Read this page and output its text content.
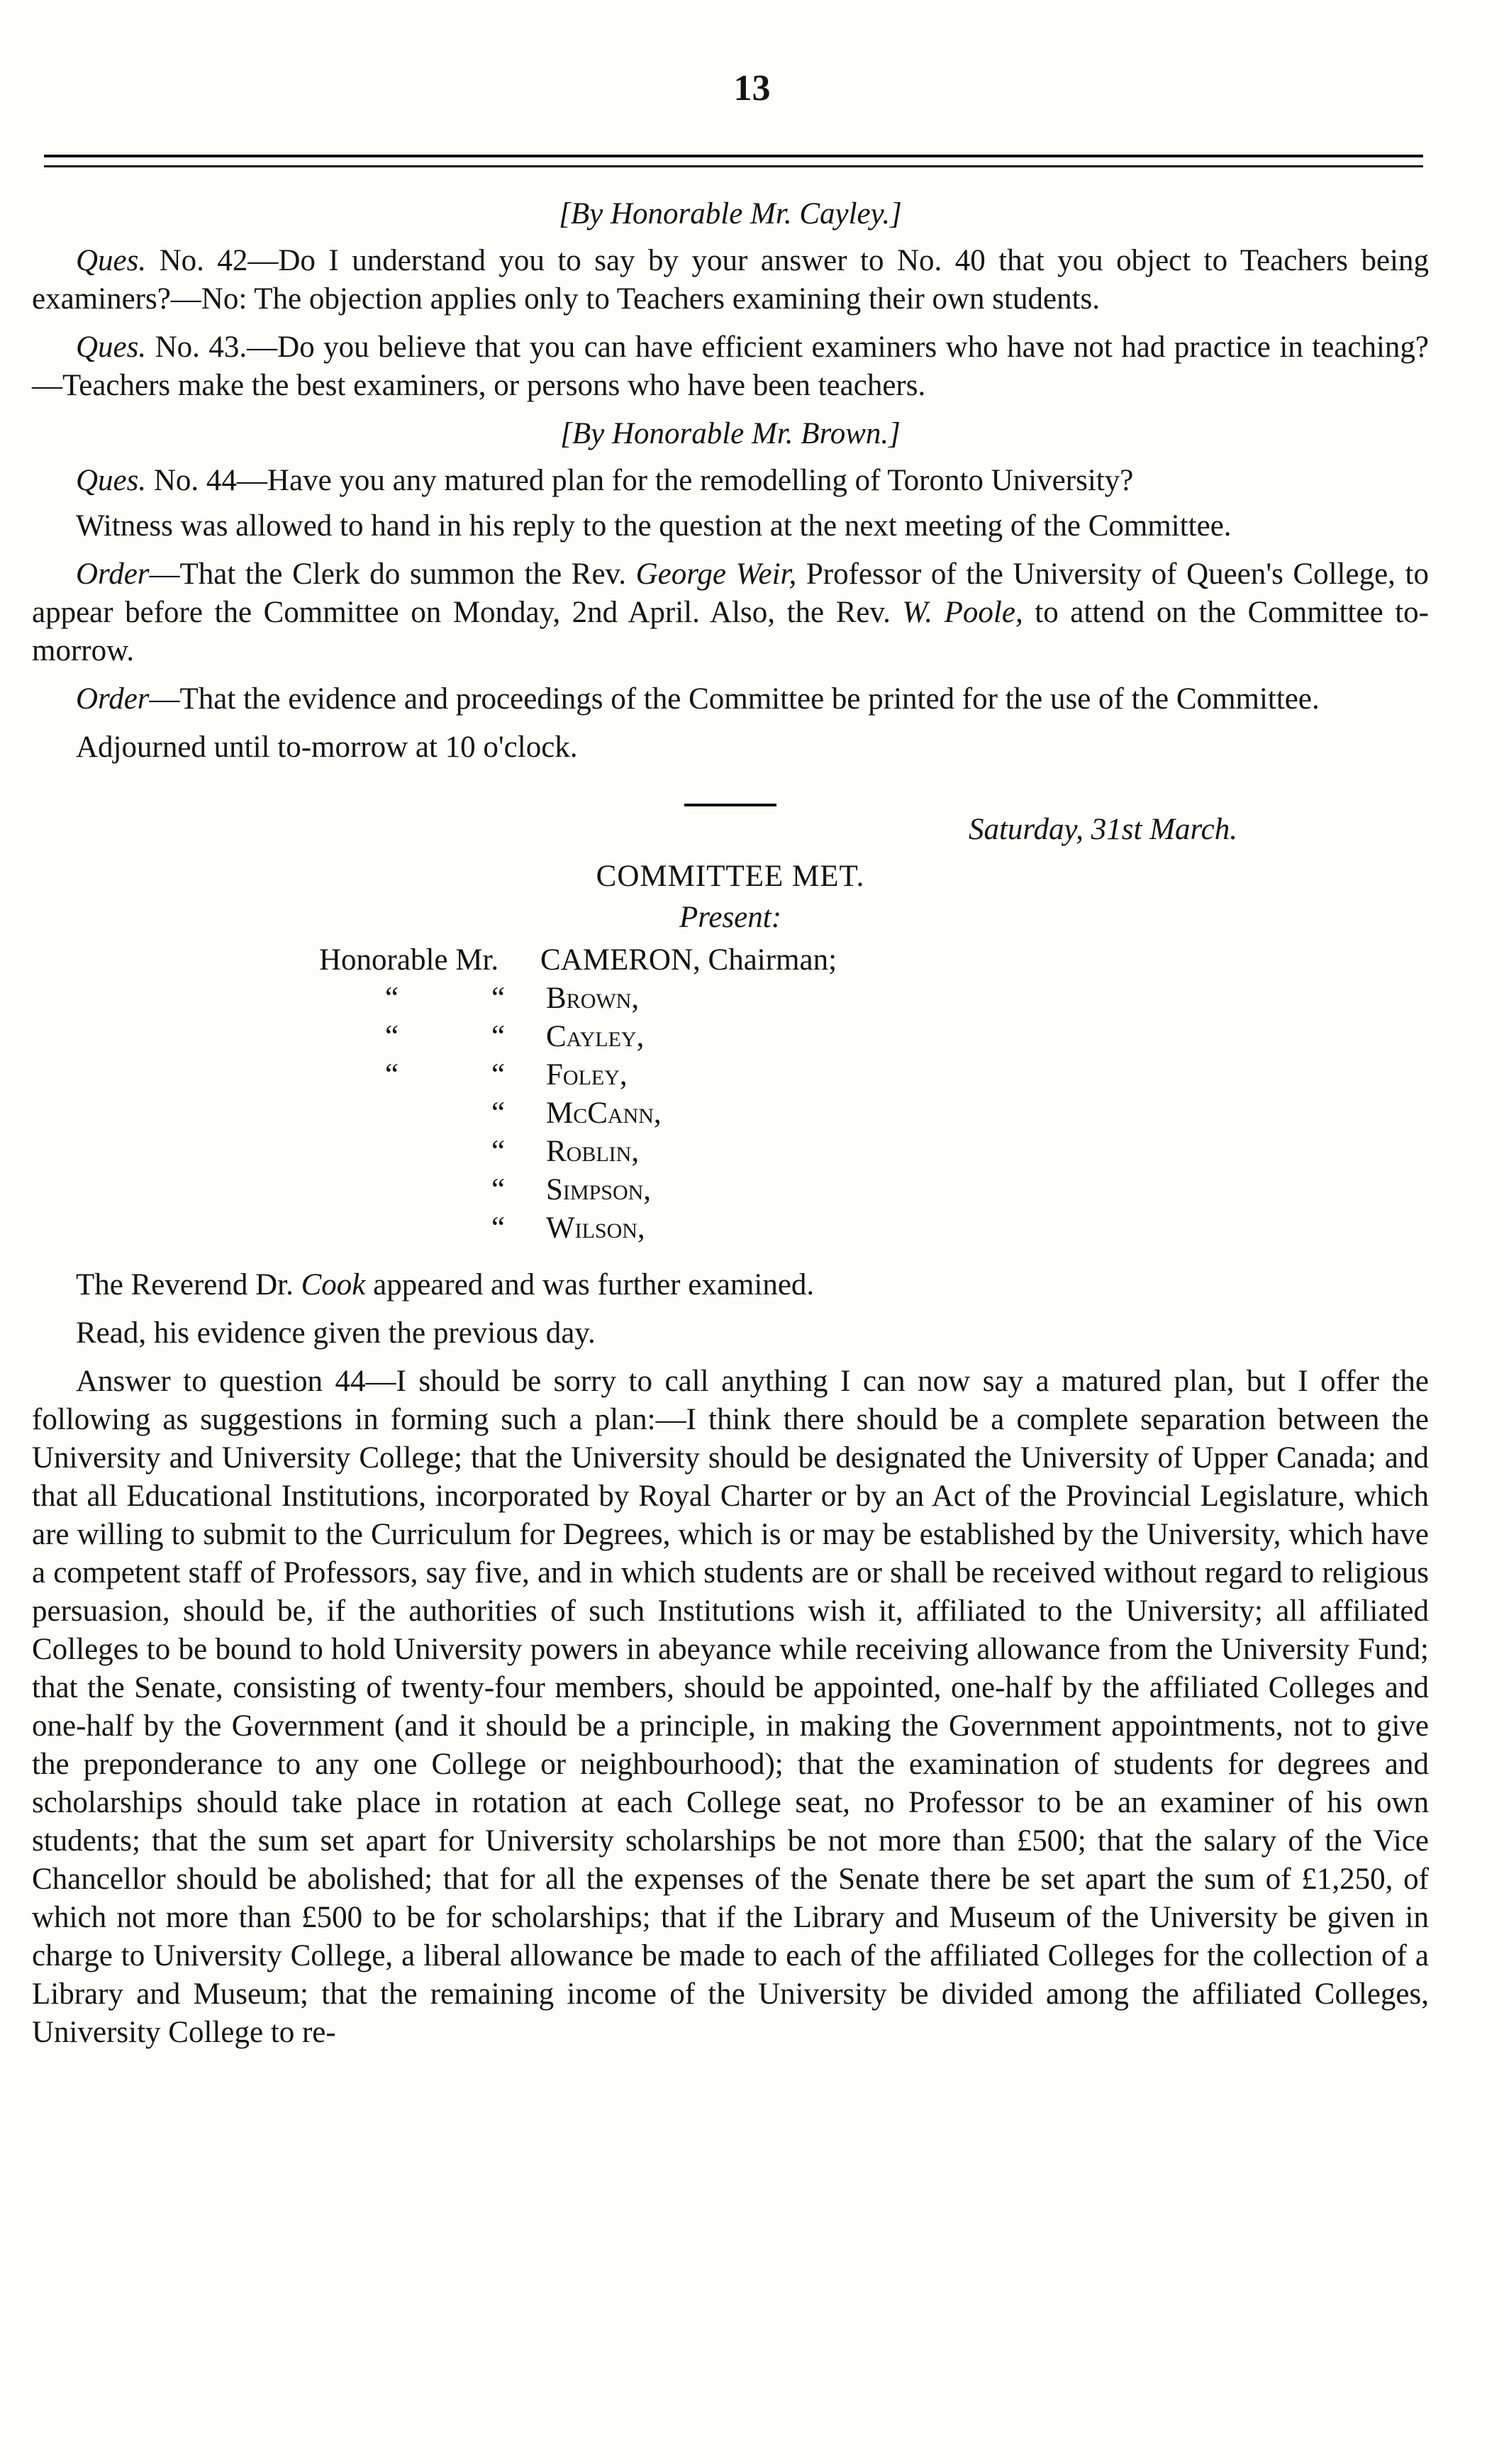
13

[By Honorable Mr. Cayley.]

Ques. No. 42—Do I understand you to say by your answer to No. 40 that you object to Teachers being examiners?—No: The objection applies only to Teachers examining their own students.

Ques. No. 43.—Do you believe that you can have efficient examiners who have not had practice in teaching?—Teachers make the best examiners, or persons who have been teachers.

[By Honorable Mr. Brown.]

Ques. No. 44—Have you any matured plan for the remodelling of Toronto University?

Witness was allowed to hand in his reply to the question at the next meeting of the Committee.

Order—That the Clerk do summon the Rev. George Weir, Professor of the University of Queen's College, to appear before the Committee on Monday, 2nd April. Also, the Rev. W. Poole, to attend on the Committee to-morrow.

Order—That the evidence and proceedings of the Committee be printed for the use of the Committee.

Adjourned until to-morrow at 10 o'clock.

Saturday, 31st March.

COMMITTEE MET.

Present:

Honorable Mr. CAMERON, Chairman;
“	“ Brown,
“	“ Cayley,
“	“ Foley,
“ McCann,
“ Roblin,
“ Simpson,
“ Wilson,

The Reverend Dr. Cook appeared and was further examined.

Read, his evidence given the previous day.

Answer to question 44—I should be sorry to call anything I can now say a matured plan, but I offer the following as suggestions in forming such a plan:—I think there should be a complete separation between the University and University College; that the University should be designated the University of Upper Canada; and that all Educational Institutions, incorporated by Royal Charter or by an Act of the Provincial Legislature, which are willing to submit to the Curriculum for Degrees, which is or may be established by the University, which have a competent staff of Professors, say five, and in which students are or shall be received without regard to religious persuasion, should be, if the authorities of such Institutions wish it, affiliated to the University; all affiliated Colleges to be bound to hold University powers in abeyance while receiving allowance from the University Fund; that the Senate, consisting of twenty-four members, should be appointed, one-half by the affiliated Colleges and one-half by the Government (and it should be a principle, in making the Government appointments, not to give the preponderance to any one College or neighbourhood); that the examination of students for degrees and scholarships should take place in rotation at each College seat, no Professor to be an examiner of his own students; that the sum set apart for University scholarships be not more than £500; that the salary of the Vice Chancellor should be abolished; that for all the expenses of the Senate there be set apart the sum of £1,250, of which not more than £500 to be for scholarships; that if the Library and Museum of the University be given in charge to University College, a liberal allowance be made to each of the affiliated Colleges for the collection of a Library and Museum; that the remaining income of the University be divided among the affiliated Colleges, University College to re-
